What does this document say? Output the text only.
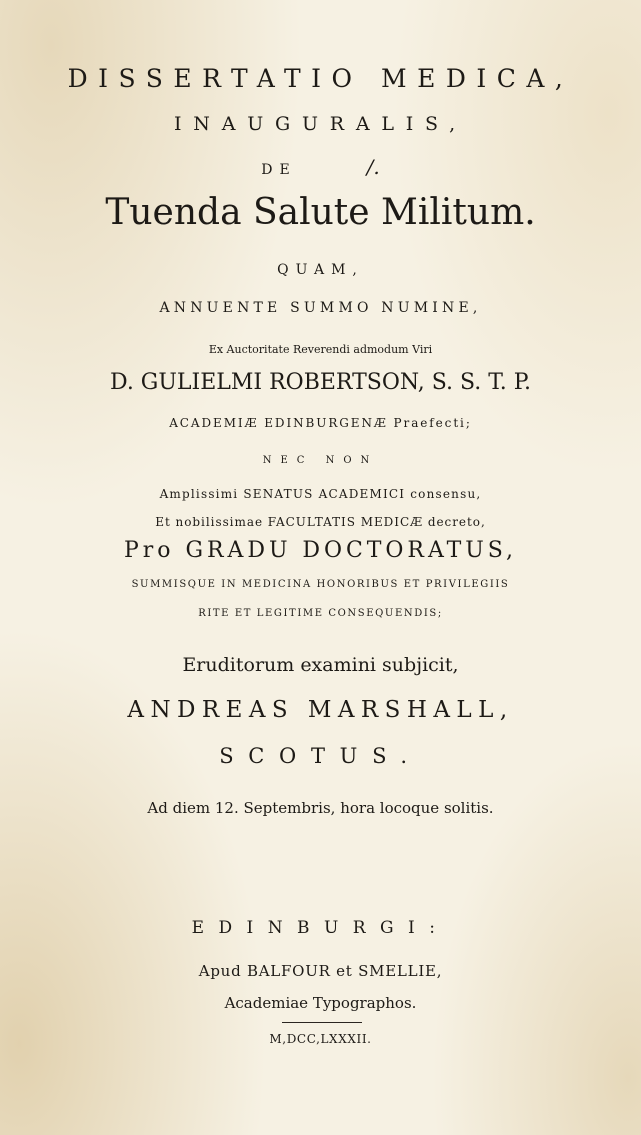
DISSERTATIO MEDICA,
INAUGURALIS,
DE	/.
Tuenda Salute Militum.
QUAM,
ANNUENTE SUMMO NUMINE,
Ex Auctoritate Reverendi admodum Viri
D. GULIELMI ROBERTSON, S. S. T. P.
ACADEMIÆ EDINBURGENÆ Praefecti;
NEC NON
Amplissimi SENATUS ACADEMICI consensu,
Et nobilissimae FACULTATIS MEDICÆ decreto,
Pro GRADU DOCTORATUS,
SUMMISQUE IN MEDICINA HONORIBUS ET PRIVILEGIIS
RITE ET LEGITIME CONSEQUENDIS;
Eruditorum examini subjicit,
ANDREAS MARSHALL,
SCOTUS.
Ad diem 12. Septembris, hora locoque solitis.
EDINBURGI:
Apud BALFOUR et SMELLIE,
Academiae Typographos.
M,DCC,LXXXII.
